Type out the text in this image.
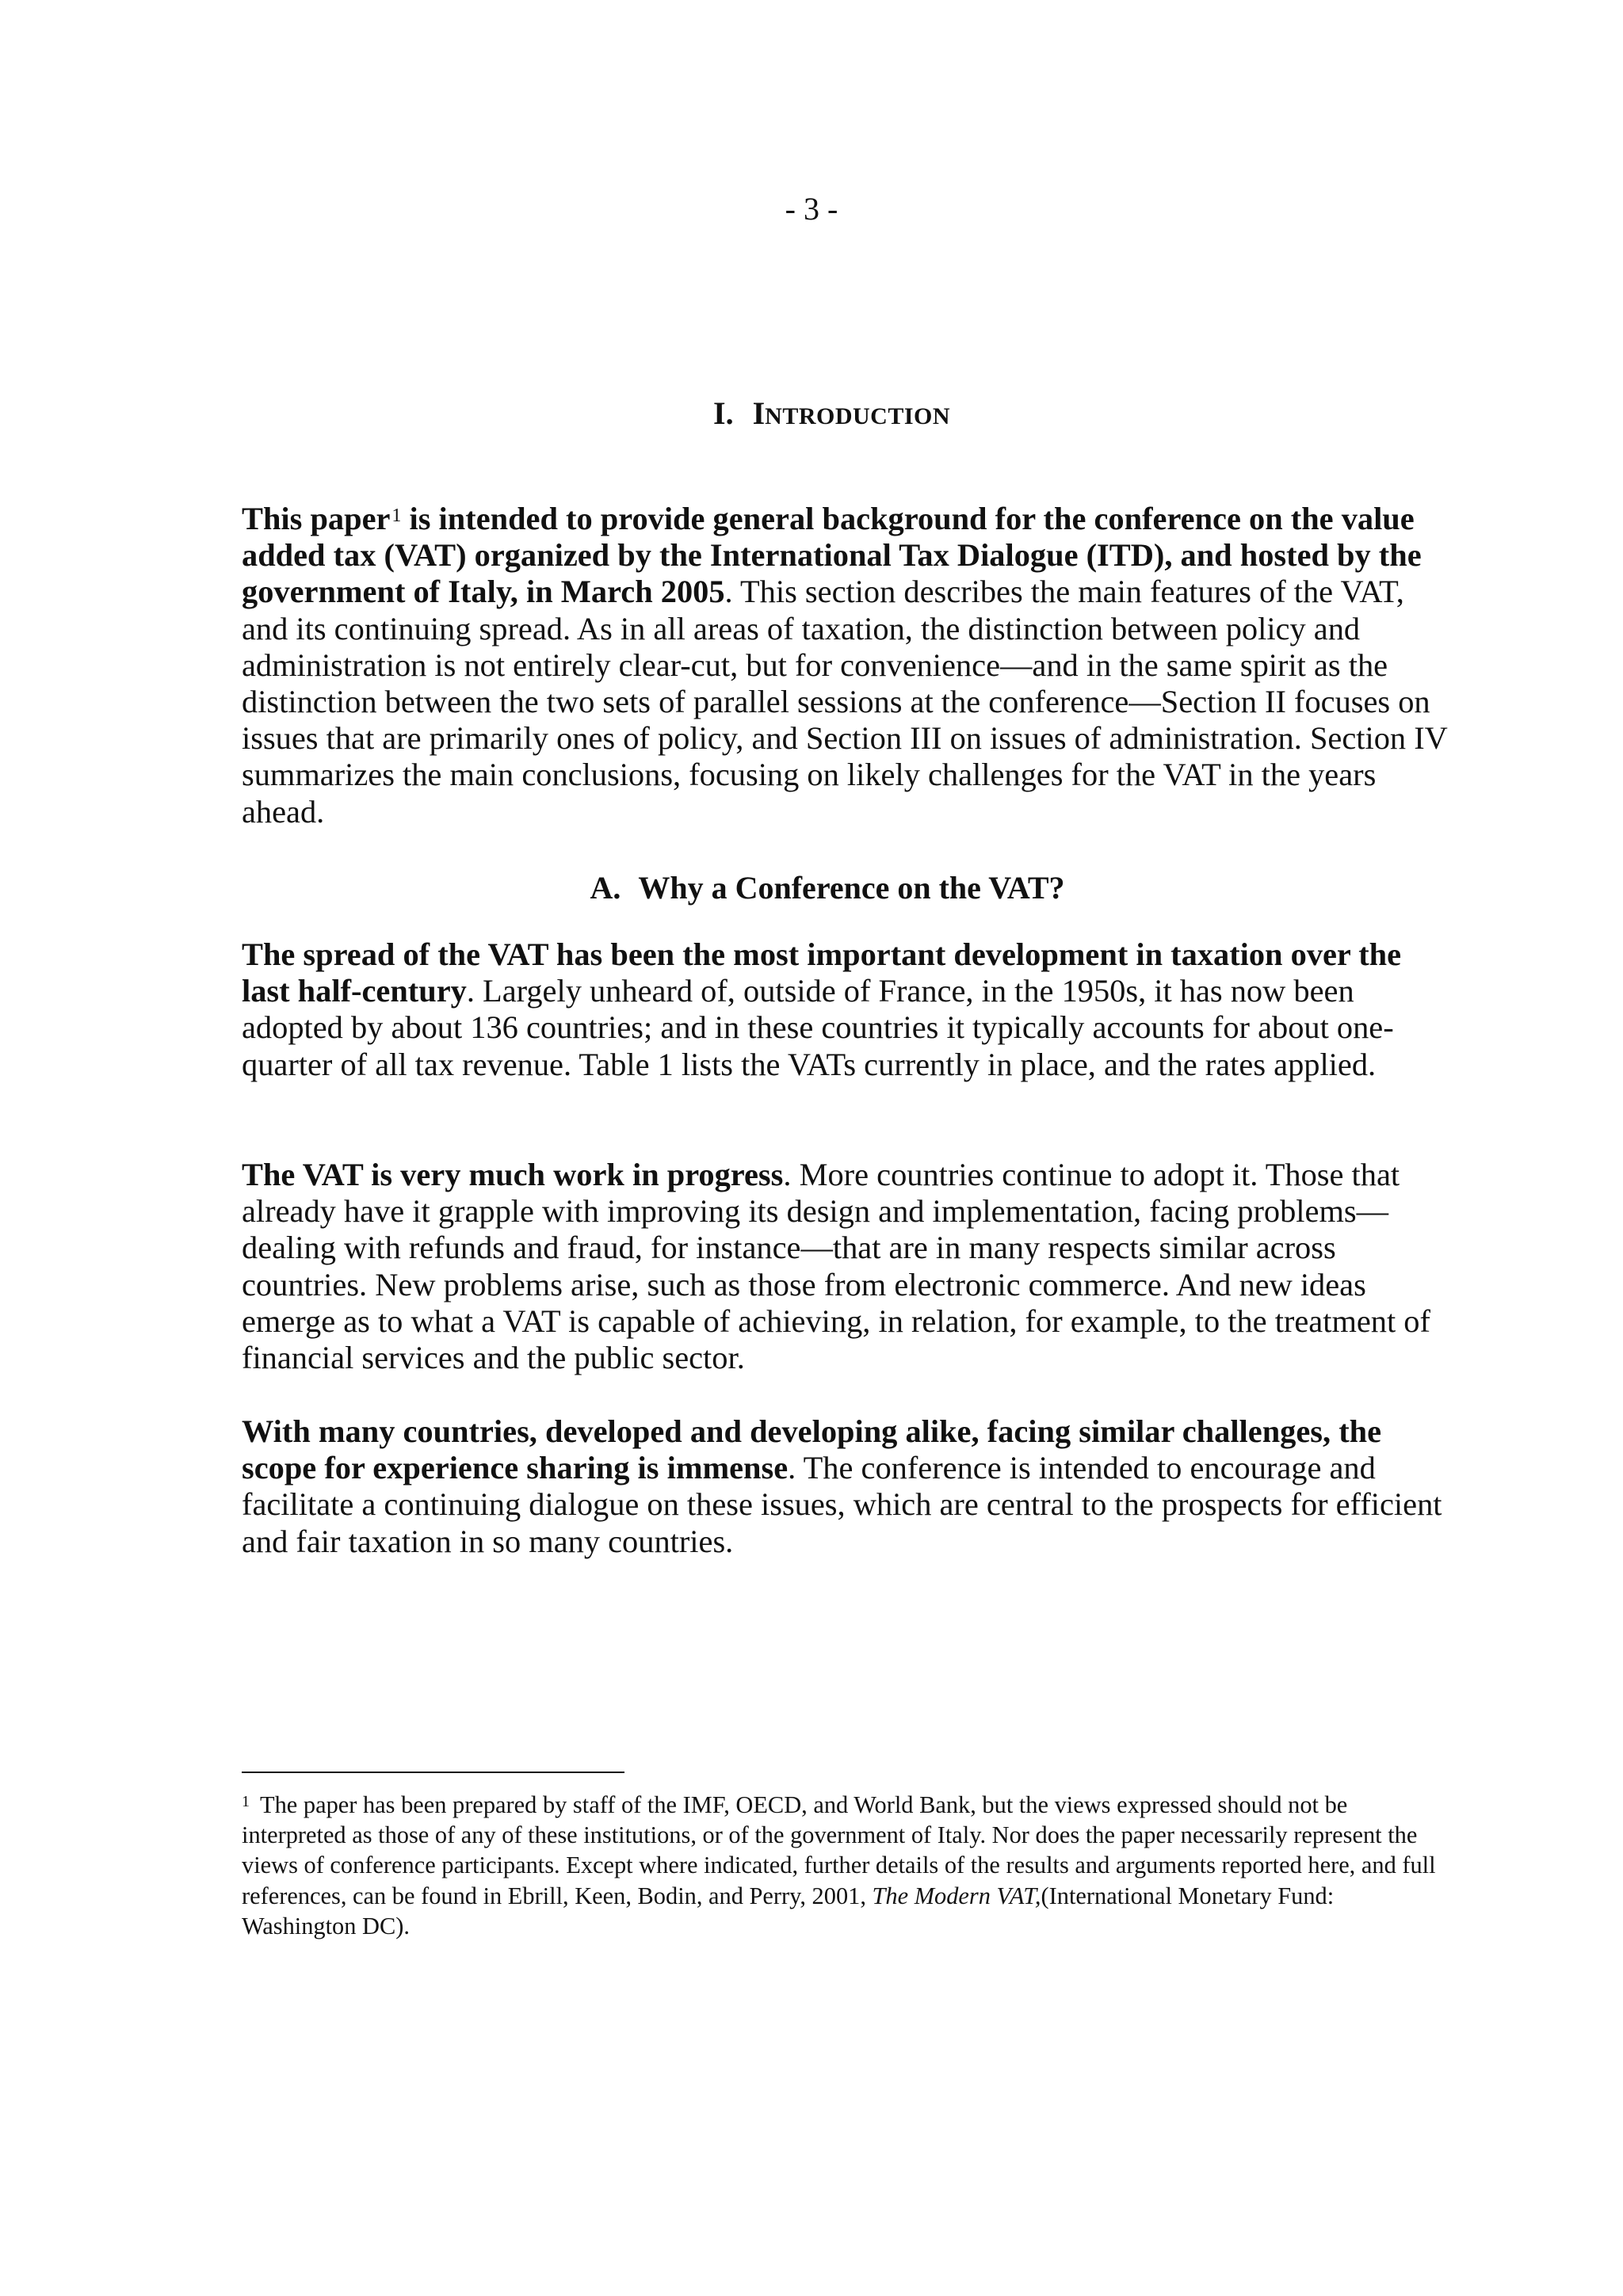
- 3 -
I. INTRODUCTION
This paper$^1$ is intended to provide general background for the conference on the value added tax (VAT) organized by the International Tax Dialogue (ITD), and hosted by the government of Italy, in March 2005. This section describes the main features of the VAT, and its continuing spread. As in all areas of taxation, the distinction between policy and administration is not entirely clear-cut, but for convenience—and in the same spirit as the distinction between the two sets of parallel sessions at the conference—Section II focuses on issues that are primarily ones of policy, and Section III on issues of administration. Section IV summarizes the main conclusions, focusing on likely challenges for the VAT in the years ahead.
A. Why a Conference on the VAT?
The spread of the VAT has been the most important development in taxation over the last half-century. Largely unheard of, outside of France, in the 1950s, it has now been adopted by about 136 countries; and in these countries it typically accounts for about one-quarter of all tax revenue. Table 1 lists the VATs currently in place, and the rates applied.
The VAT is very much work in progress. More countries continue to adopt it. Those that already have it grapple with improving its design and implementation, facing problems—dealing with refunds and fraud, for instance—that are in many respects similar across countries. New problems arise, such as those from electronic commerce. And new ideas emerge as to what a VAT is capable of achieving, in relation, for example, to the treatment of financial services and the public sector.
With many countries, developed and developing alike, facing similar challenges, the scope for experience sharing is immense. The conference is intended to encourage and facilitate a continuing dialogue on these issues, which are central to the prospects for efficient and fair taxation in so many countries.
$^1$ The paper has been prepared by staff of the IMF, OECD, and World Bank, but the views expressed should not be interpreted as those of any of these institutions, or of the government of Italy. Nor does the paper necessarily represent the views of conference participants. Except where indicated, further details of the results and arguments reported here, and full references, can be found in Ebrill, Keen, Bodin, and Perry, 2001, The Modern VAT,(International Monetary Fund: Washington DC).
